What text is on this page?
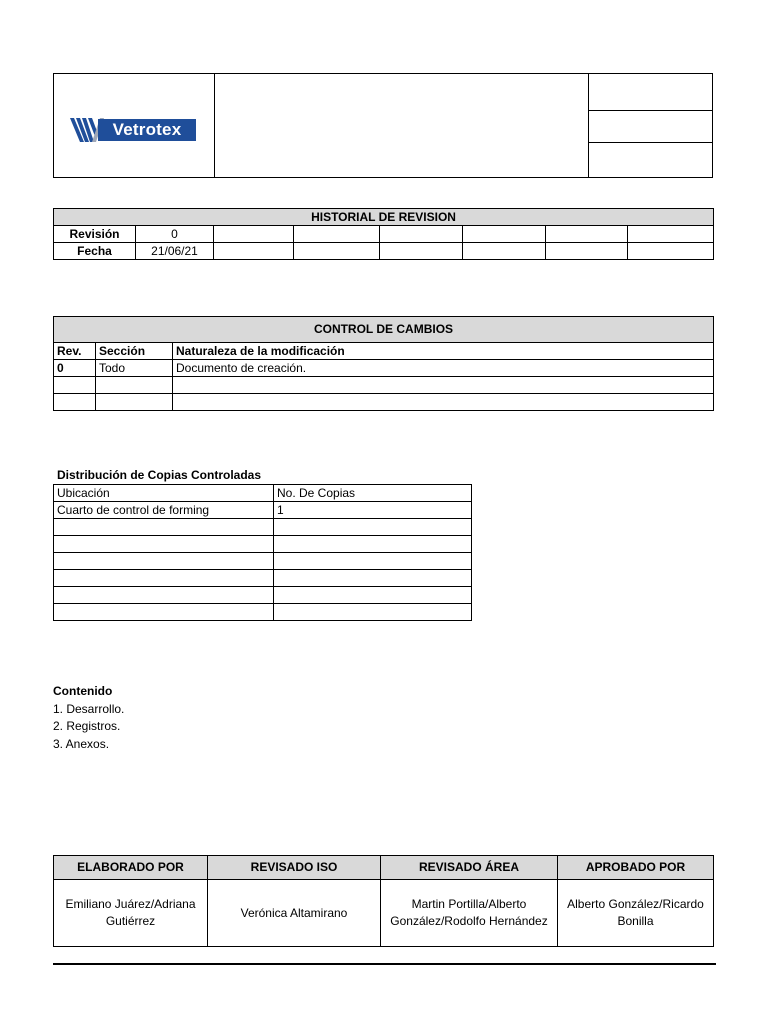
Vetrotex
HISTORIAL DE REVISION							
Revisión	0						
Fecha	21/06/21						
CONTROL DE CAMBIOS		
Rev.	Sección	Naturaleza de la modificación
0	Todo	Documento de creación.

Distribución de Copias Controladas
Ubicación	No. De Copias
Cuarto de control de forming	1

Contenido
1. Desarrollo.
2. Registros.
3. Anexos.
ELABORADO POR	REVISADO ISO	REVISADO ÁREA	APROBADO POR
Emiliano Juárez/Adriana Gutiérrez	Verónica Altamirano	Martin Portilla/Alberto González/Rodolfo Hernández	Alberto González/Ricardo Bonilla
